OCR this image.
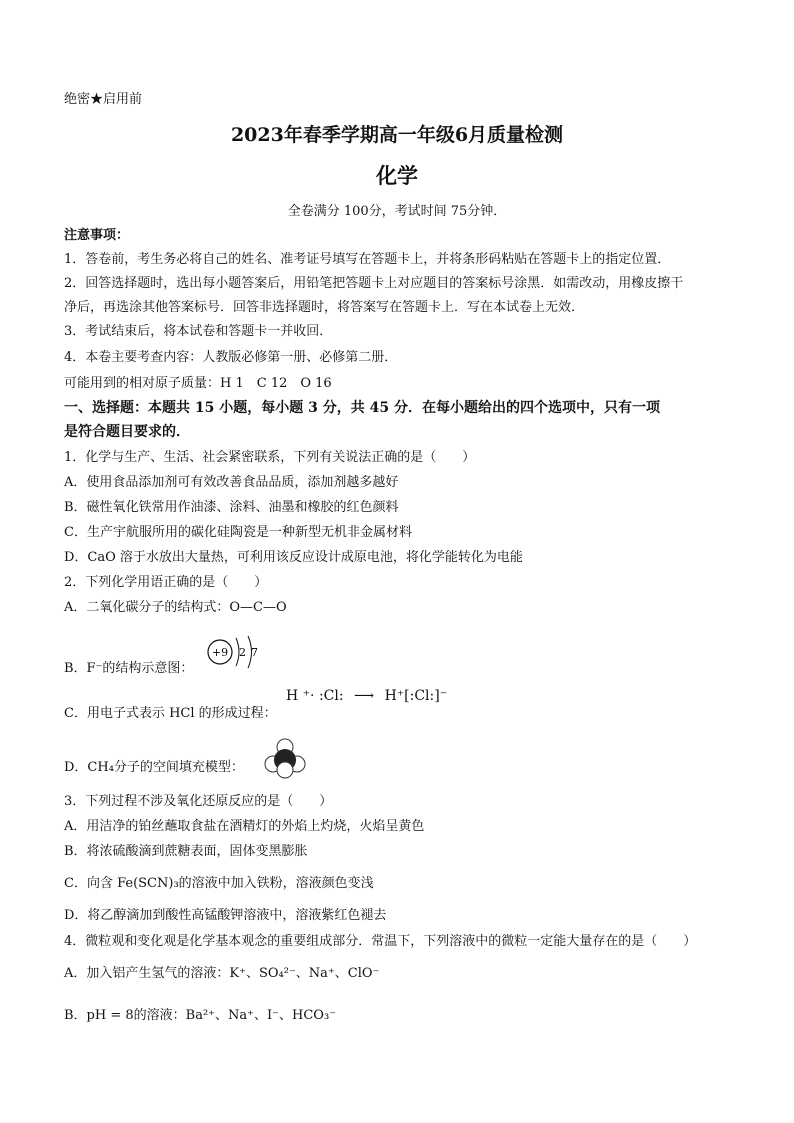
绝密★启用前
2023年春季学期高一年级6月质量检测
化学
全卷满分 100分，考试时间 75分钟．
注意事项：
1．答卷前，考生务必将自己的姓名、准考证号填写在答题卡上，并将条形码粘贴在答题卡上的指定位置．
2．回答选择题时，选出每小题答案后，用铅笔把答题卡上对应题目的答案标号涂黑．如需改动，用橡皮擦干
净后，再选涂其他答案标号．回答非选择题时，将答案写在答题卡上．写在本试卷上无效．
3．考试结束后，将本试卷和答题卡一并收回．
4．本卷主要考查内容：人教版必修第一册、必修第二册．
可能用到的相对原子质量：H 1　C 12　O 16
一、选择题：本题共 15 小题，每小题 3 分，共 45 分．在每小题给出的四个选项中，只有一项
是符合题目要求的．
1．化学与生产、生活、社会紧密联系，下列有关说法正确的是（　　）
A．使用食品添加剂可有效改善食品品质，添加剂越多越好
B．磁性氧化铁常用作油漆、涂料、油墨和橡胶的红色颜料
C．生产宇航服所用的碳化硅陶瓷是一种新型无机非金属材料
D．CaO 溶于水放出大量热，可利用该反应设计成原电池，将化学能转化为电能
2．下列化学用语正确的是（　　）
A．二氧化碳分子的结构式：O—C—O
B．F⁻的结构示意图：
+9 2 7
C．用电子式表示 HCl 的形成过程：
H ⁺· :Cl: ⟶ H⁺[:Cl:]⁻
D．CH₄分子的空间填充模型：
3．下列过程不涉及氧化还原反应的是（　　）
A．用洁净的铂丝蘸取食盐在酒精灯的外焰上灼烧，火焰呈黄色
B．将浓硫酸滴到蔗糖表面，固体变黑膨胀
C．向含 Fe(SCN)₃的溶液中加入铁粉，溶液颜色变浅
D．将乙醇滴加到酸性高锰酸钾溶液中，溶液紫红色褪去
4．微粒观和变化观是化学基本观念的重要组成部分．常温下，下列溶液中的微粒一定能大量存在的是（　　）
A．加入铝产生氢气的溶液：K⁺、SO₄²⁻、Na⁺、ClO⁻
B．pH = 8的溶液：Ba²⁺、Na⁺、I⁻、HCO₃⁻
